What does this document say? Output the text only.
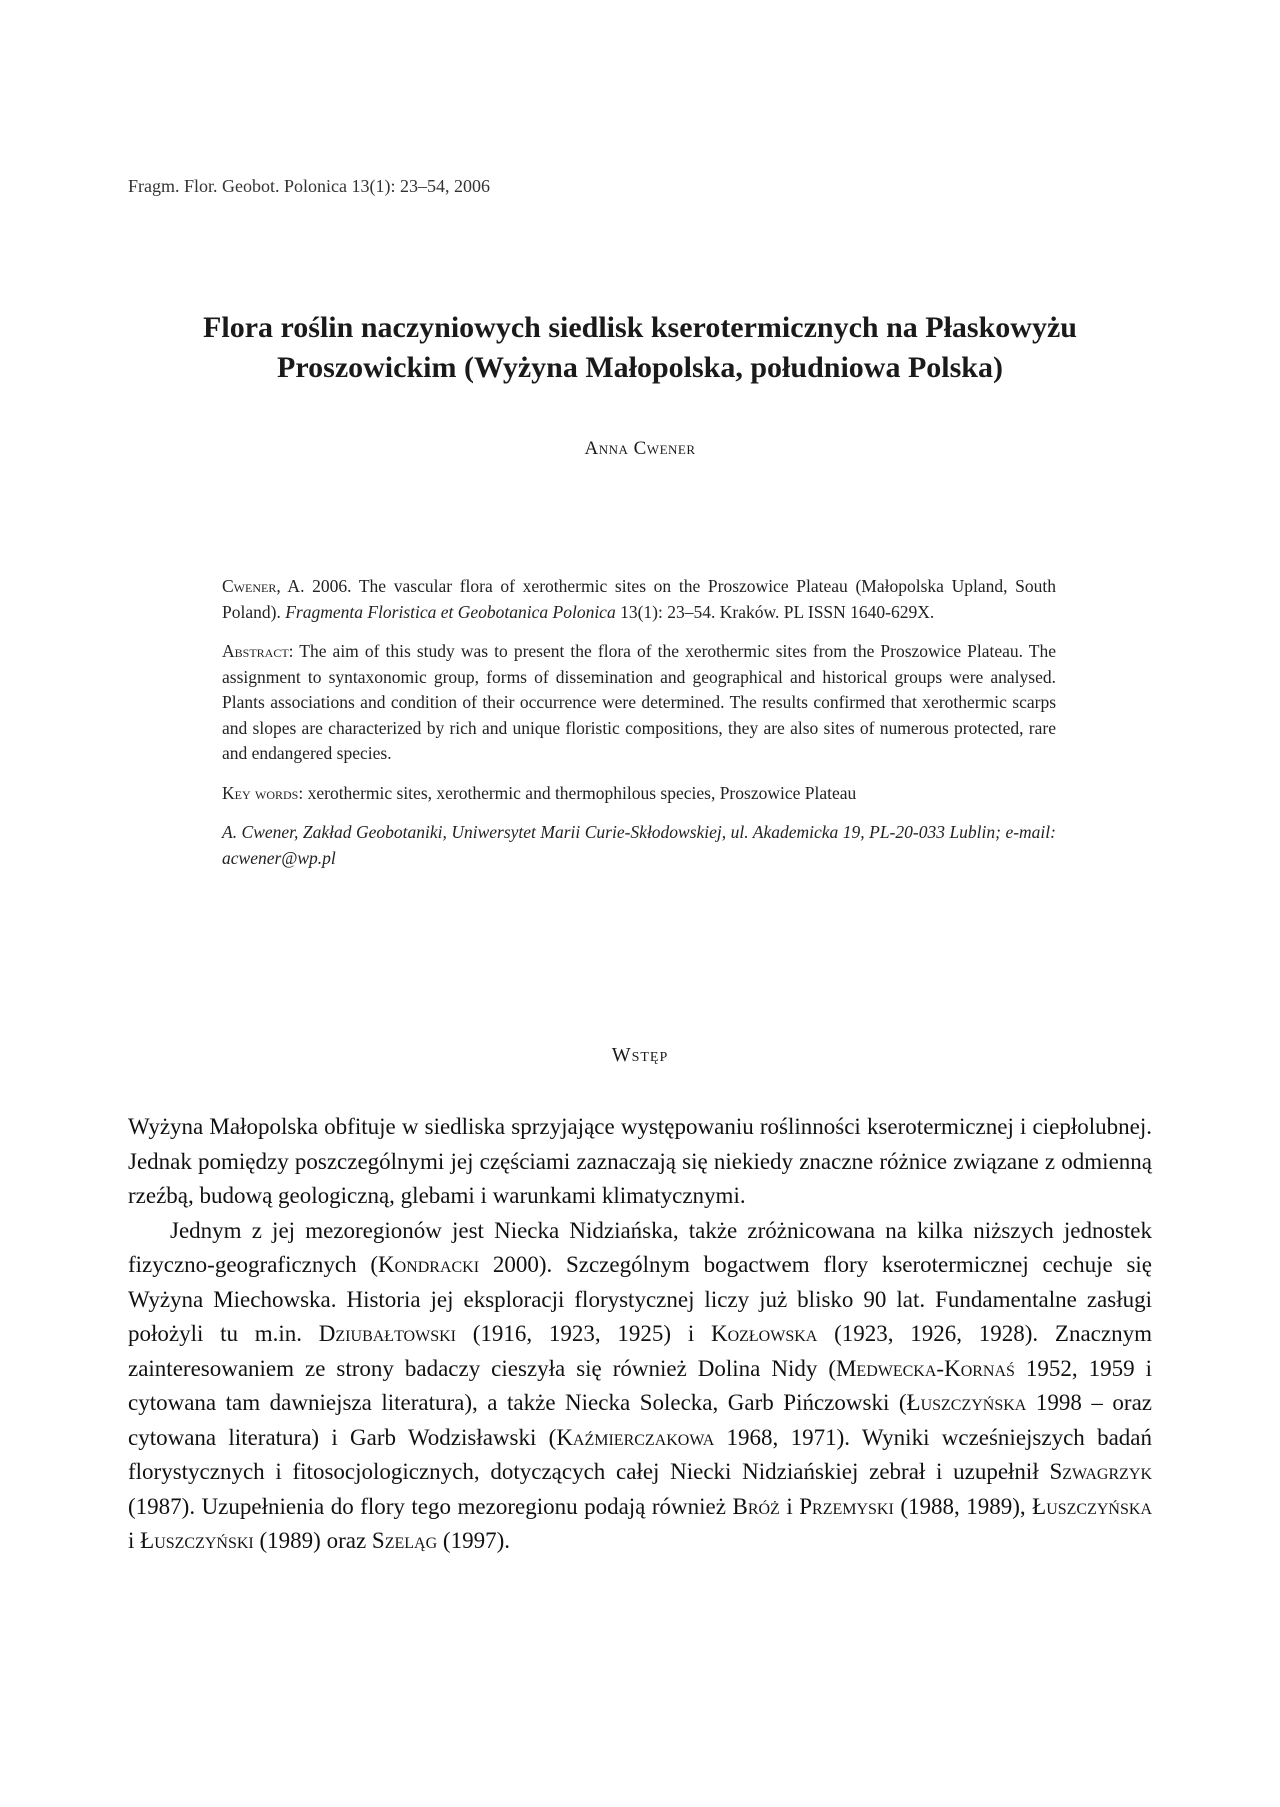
Fragm. Flor. Geobot. Polonica 13(1): 23–54, 2006
Flora roślin naczyniowych siedlisk kserotermicznych na Płaskowyżu
Proszowickim (Wyżyna Małopolska, południowa Polska)
Anna Cwener

Cwener, A. 2006. The vascular flora of xerothermic sites on the Proszowice Plateau (Małopolska Upland, South Poland). Fragmenta Floristica et Geobotanica Polonica 13(1): 23–54. Kraków. PL ISSN 1640-629X.

Abstract: The aim of this study was to present the flora of the xerothermic sites from the Proszowice Plateau. The assignment to syntaxonomic group, forms of dissemination and geographical and historical groups were analysed. Plants associations and condition of their occurrence were determined. The results confirmed that xerothermic scarps and slopes are characterized by rich and unique floristic compositions, they are also sites of numerous protected, rare and endangered species.

Key words: xerothermic sites, xerothermic and thermophilous species, Proszowice Plateau

A. Cwener, Zakład Geobotaniki, Uniwersytet Marii Curie-Skłodowskiej, ul. Akademicka 19, PL-20-033 Lublin; e-mail: acwener@wp.pl

Wstęp

Wyżyna Małopolska obfituje w siedliska sprzyjające występowaniu roślinności kserotermicznej i ciepłolubnej. Jednak pomiędzy poszczególnymi jej częściami zaznaczają się niekiedy znaczne różnice związane z odmienną rzeźbą, budową geologiczną, glebami i warunkami klimatycznymi.

Jednym z jej mezoregionów jest Niecka Nidziańska, także zróżnicowana na kilka niższych jednostek fizyczno-geograficznych (Kondracki 2000). Szczególnym bogactwem flory kserotermicznej cechuje się Wyżyna Miechowska. Historia jej eksploracji florystycznej liczy już blisko 90 lat. Fundamentalne zasługi położyli tu m.in. Dziubałtowski (1916, 1923, 1925) i Kozłowska (1923, 1926, 1928). Znacznym zainteresowaniem ze strony badaczy cieszyła się również Dolina Nidy (Medwecka-Kornaś 1952, 1959 i cytowana tam dawniejsza literatura), a także Niecka Solecka, Garb Pińczowski (Łuszczyńska 1998 – oraz cytowana literatura) i Garb Wodzisławski (Kaźmierczakowa 1968, 1971). Wyniki wcześniejszych badań florystycznych i fitosocjologicznych, dotyczących całej Niecki Nidziańskiej zebrał i uzupełnił Szwagrzyk (1987). Uzupełnienia do flory tego mezoregionu podają również Bróż i Przemyski (1988, 1989), Łuszczyńska i Łuszczyński (1989) oraz Szeląg (1997).
